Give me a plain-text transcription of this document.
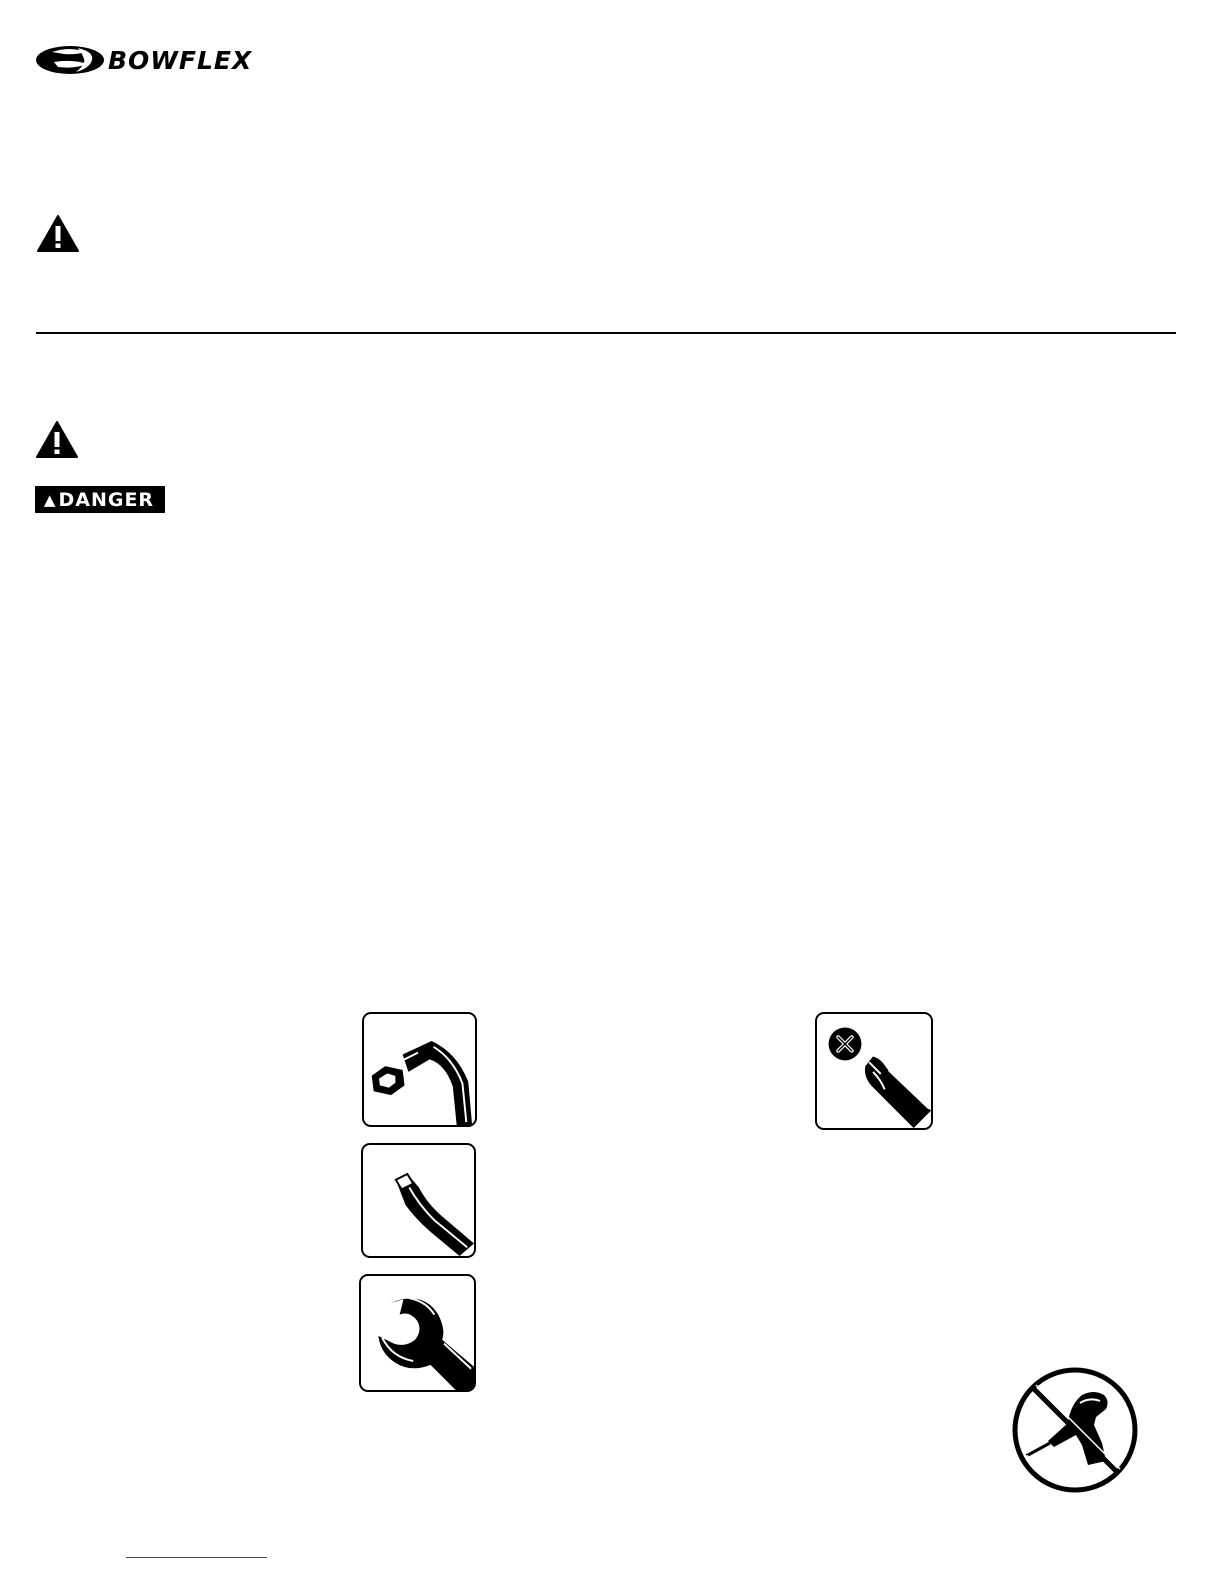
BOWFLEX
▲ DANGER
